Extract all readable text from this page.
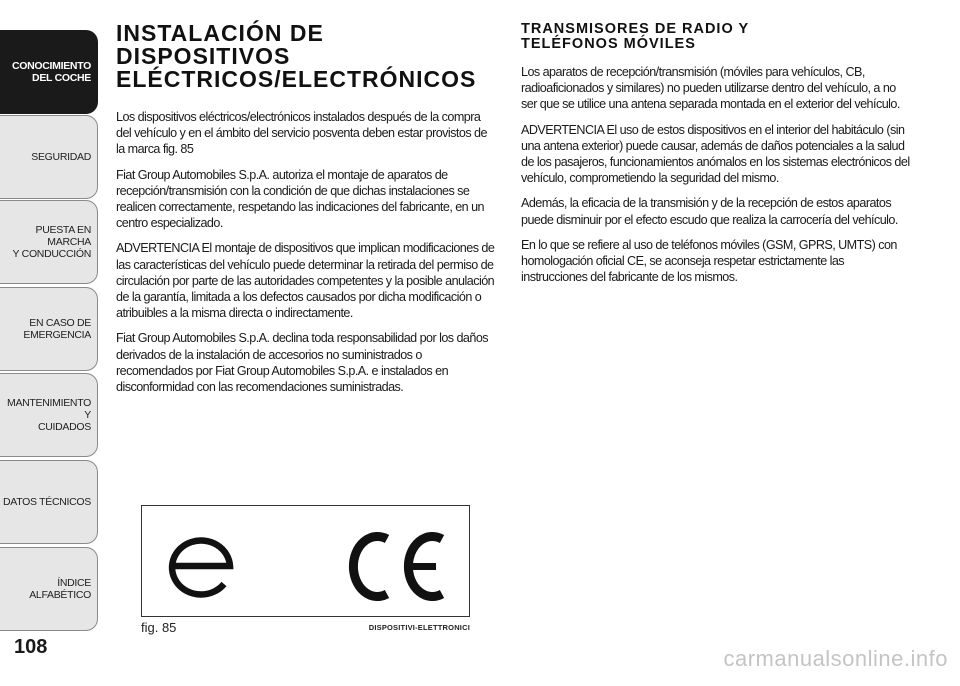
CONOCIMIENTO
DEL COCHE
SEGURIDAD
PUESTA EN MARCHA
Y CONDUCCIÓN
EN CASO DE
EMERGENCIA
MANTENIMIENTO Y
CUIDADOS
DATOS TÉCNICOS
ÍNDICE ALFABÉTICO
108
INSTALACIÓN DE DISPOSITIVOS
ELÉCTRICOS/ELECTRÓNICOS

Los dispositivos eléctricos/electrónicos instalados después de la compra del vehículo y en el ámbito del servicio posventa deben estar provistos de la marca fig. 85

Fiat Group Automobiles S.p.A. autoriza el montaje de aparatos de recepción/transmisión con la condición de que dichas instalaciones se realicen correctamente, respetando las indicaciones del fabricante, en un centro especializado.

ADVERTENCIA El montaje de dispositivos que implican modificaciones de las características del vehículo puede determinar la retirada del permiso de circulación por parte de las autoridades competentes y la posible anulación de la garantía, limitada a los defectos causados por dicha modificación o atribuibles a la misma directa o indirectamente.

Fiat Group Automobiles S.p.A. declina toda responsabilidad por los daños derivados de la instalación de accesorios no suministrados o recomendados por Fiat Group Automobiles S.p.A. e instalados en disconformidad con las recomendaciones suministradas.

TRANSMISORES DE RADIO Y
TELÉFONOS MÓVILES

Los aparatos de recepción/transmisión (móviles para vehículos, CB, radioaficionados y similares) no pueden utilizarse dentro del vehículo, a no ser que se utilice una antena separada montada en el exterior del vehículo.

ADVERTENCIA El uso de estos dispositivos en el interior del habitáculo (sin una antena exterior) puede causar, además de daños potenciales a la salud de los pasajeros, funcionamientos anómalos en los sistemas electrónicos del vehículo, comprometiendo la seguridad del mismo.

Además, la eficacia de la transmisión y de la recepción de estos aparatos puede disminuir por el efecto escudo que realiza la carrocería del vehículo.

En lo que se refiere al uso de teléfonos móviles (GSM, GPRS, UMTS) con homologación oficial CE, se aconseja respetar estrictamente las instrucciones del fabricante de los mismos.

fig. 85	DISPOSITIVI-ELETTRONICI
carmanualsonline.info
